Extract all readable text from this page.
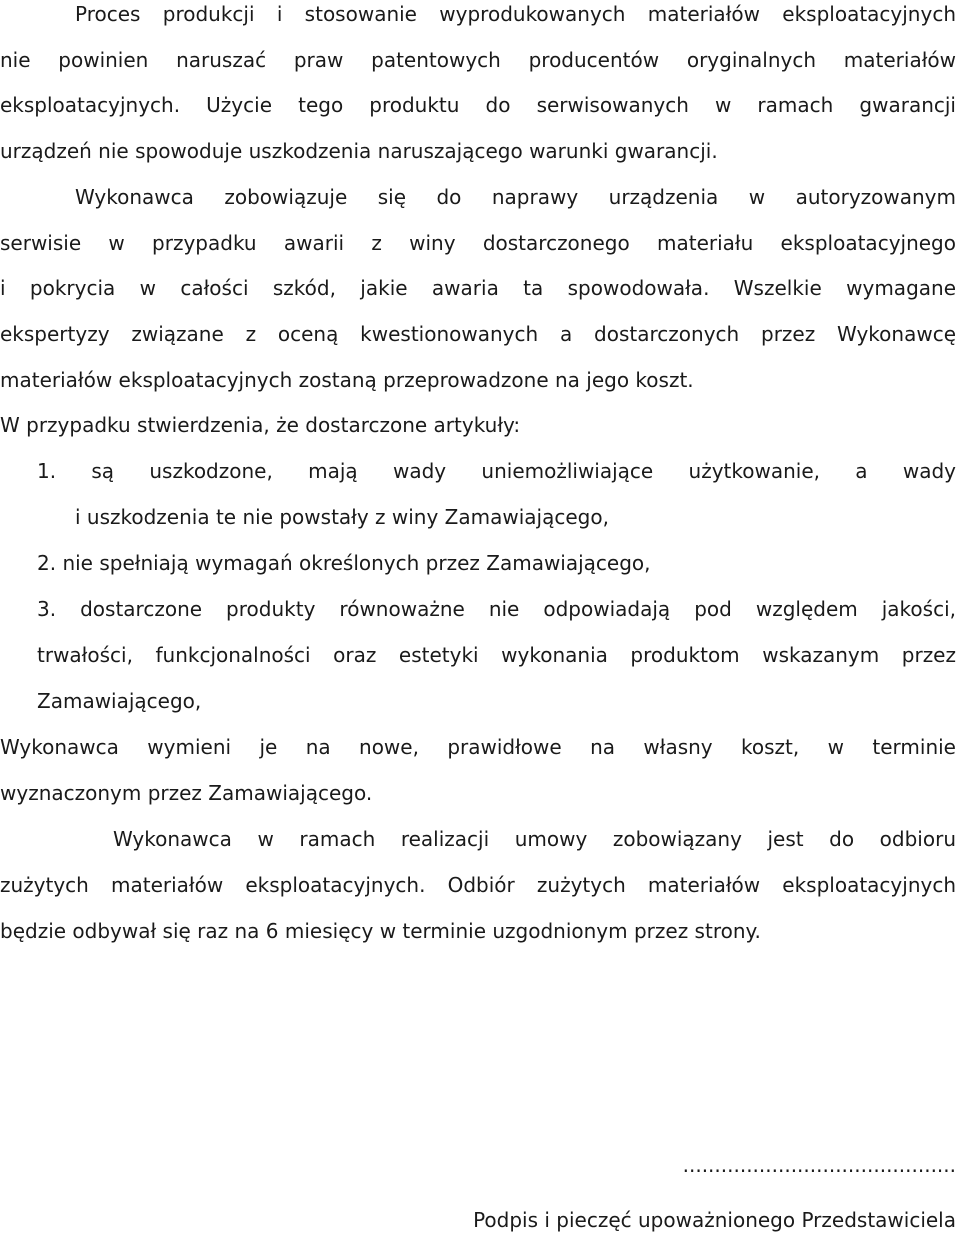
Proces produkcji i stosowanie wyprodukowanych materiałów eksploatacyjnych
nie powinien naruszać praw patentowych producentów oryginalnych materiałów
eksploatacyjnych. Użycie tego produktu do serwisowanych w ramach gwarancji
urządzeń nie spowoduje uszkodzenia naruszającego warunki gwarancji.
Wykonawca zobowiązuje się do naprawy urządzenia w autoryzowanym
serwisie w przypadku awarii z winy dostarczonego materiału eksploatacyjnego
i pokrycia w całości szkód, jakie awaria ta spowodowała. Wszelkie wymagane
ekspertyzy związane z oceną kwestionowanych a dostarczonych przez Wykonawcę
materiałów eksploatacyjnych zostaną przeprowadzone na jego koszt.
W przypadku stwierdzenia, że dostarczone artykuły:
1. są uszkodzone, mają wady uniemożliwiające użytkowanie, a wady
i uszkodzenia te nie powstały z winy Zamawiającego,
2. nie spełniają wymagań określonych przez Zamawiającego,
3. dostarczone produkty równoważne nie odpowiadają pod względem jakości,
trwałości, funkcjonalności oraz estetyki wykonania produktom wskazanym przez
Zamawiającego,
Wykonawca wymieni je na nowe, prawidłowe na własny koszt, w terminie
wyznaczonym przez Zamawiającego.
Wykonawca w ramach realizacji umowy zobowiązany jest do odbioru
zużytych materiałów eksploatacyjnych. Odbiór zużytych materiałów eksploatacyjnych
będzie odbywał się raz na 6 miesięcy w terminie uzgodnionym przez strony.
...........................................
Podpis i pieczęć upoważnionego Przedstawiciela
